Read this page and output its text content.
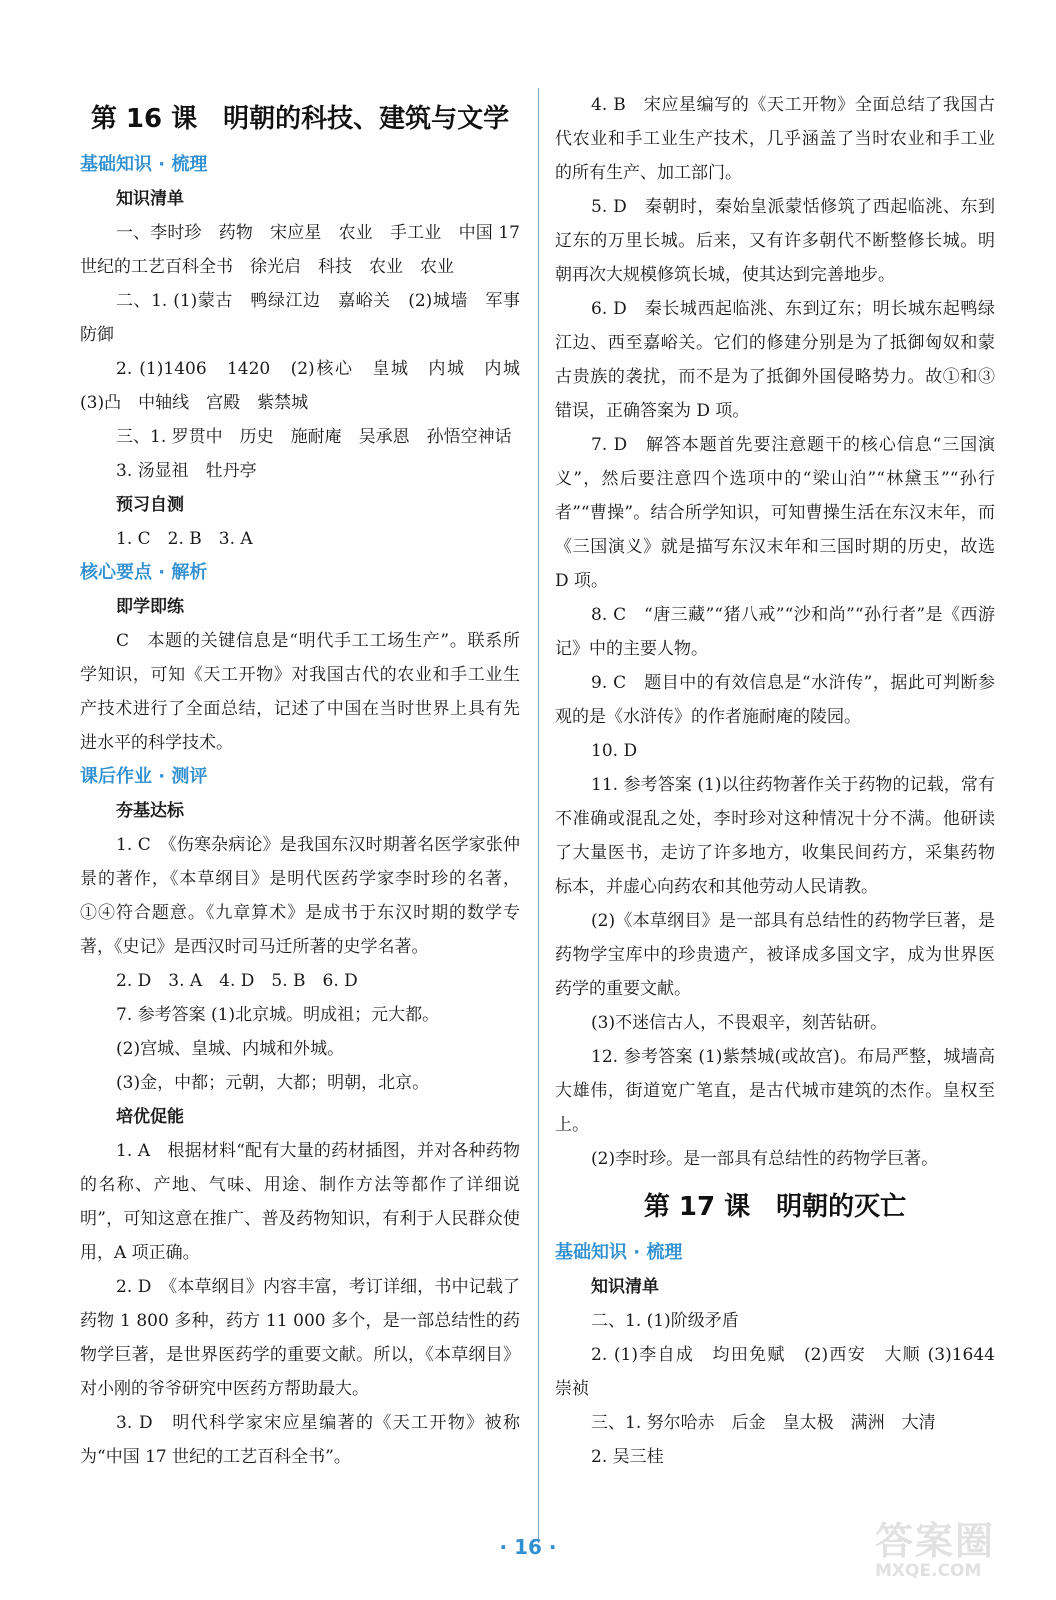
第 16 课　明朝的科技、建筑与文学
基础知识 · 梳理
知识清单

一、李时珍　药物　宋应星　农业　手工业　中国 17 世纪的工艺百科全书　徐光启　科技　农业　农业

二、1. (1)蒙古　鸭绿江边　嘉峪关　(2)城墙　军事防御

2. (1)1406　1420　(2)核心　皇城　内城　内城 (3)凸　中轴线　宫殿　紫禁城

三、1. 罗贯中　历史　施耐庵　吴承恩　孙悟空神话

3. 汤显祖　牡丹亭

预习自测

1. C　2. B　3. A

核心要点 · 解析
即学即练

C　本题的关键信息是“明代手工工场生产”。联系所学知识，可知《天工开物》对我国古代的农业和手工业生产技术进行了全面总结，记述了中国在当时世界上具有先进水平的科学技术。

课后作业 · 测评
夯基达标

1. C　《伤寒杂病论》是我国东汉时期著名医学家张仲景的著作，《本草纲目》是明代医药学家李时珍的名著，①④符合题意。《九章算术》是成书于东汉时期的数学专著，《史记》是西汉时司马迁所著的史学名著。

2. D　3. A　4. D　5. B　6. D

7. 参考答案 (1)北京城。明成祖；元大都。

(2)宫城、皇城、内城和外城。

(3)金，中都；元朝，大都；明朝，北京。

培优促能

1. A　根据材料“配有大量的药材插图，并对各种药物的名称、产地、气味、用途、制作方法等都作了详细说明”，可知这意在推广、普及药物知识，有利于人民群众使用，A 项正确。

2. D　《本草纲目》内容丰富，考订详细，书中记载了药物 1 800 多种，药方 11 000 多个，是一部总结性的药物学巨著，是世界医药学的重要文献。所以，《本草纲目》对小刚的爷爷研究中医药方帮助最大。

3. D　明代科学家宋应星编著的《天工开物》被称为“中国 17 世纪的工艺百科全书”。

4. B　宋应星编写的《天工开物》全面总结了我国古代农业和手工业生产技术，几乎涵盖了当时农业和手工业的所有生产、加工部门。

5. D　秦朝时，秦始皇派蒙恬修筑了西起临洮、东到辽东的万里长城。后来，又有许多朝代不断整修长城。明朝再次大规模修筑长城，使其达到完善地步。

6. D　秦长城西起临洮、东到辽东；明长城东起鸭绿江边、西至嘉峪关。它们的修建分别是为了抵御匈奴和蒙古贵族的袭扰，而不是为了抵御外国侵略势力。故①和③错误，正确答案为 D 项。

7. D　解答本题首先要注意题干的核心信息“三国演义”，然后要注意四个选项中的“梁山泊”“林黛玉”“孙行者”“曹操”。结合所学知识，可知曹操生活在东汉末年，而《三国演义》就是描写东汉末年和三国时期的历史，故选 D 项。

8. C　“唐三藏”“猪八戒”“沙和尚”“孙行者”是《西游记》中的主要人物。

9. C　题目中的有效信息是“水浒传”，据此可判断参观的是《水浒传》的作者施耐庵的陵园。

10. D

11. 参考答案 (1)以往药物著作关于药物的记载，常有不准确或混乱之处，李时珍对这种情况十分不满。他研读了大量医书，走访了许多地方，收集民间药方，采集药物标本，并虚心向药农和其他劳动人民请教。

(2)《本草纲目》是一部具有总结性的药物学巨著，是药物学宝库中的珍贵遗产，被译成多国文字，成为世界医药学的重要文献。

(3)不迷信古人，不畏艰辛，刻苦钻研。

12. 参考答案 (1)紫禁城(或故宫)。布局严整，城墙高大雄伟，街道宽广笔直，是古代城市建筑的杰作。皇权至上。

(2)李时珍。是一部具有总结性的药物学巨著。

第 17 课　明朝的灭亡
基础知识 · 梳理
知识清单

二、1. (1)阶级矛盾

2. (1)李自成　均田免赋　(2)西安　大顺 (3)1644　崇祯

三、1. 努尔哈赤　后金　皇太极　满洲　大清

2. 吴三桂

· 16 ·	答案圈
MXQE.COM
